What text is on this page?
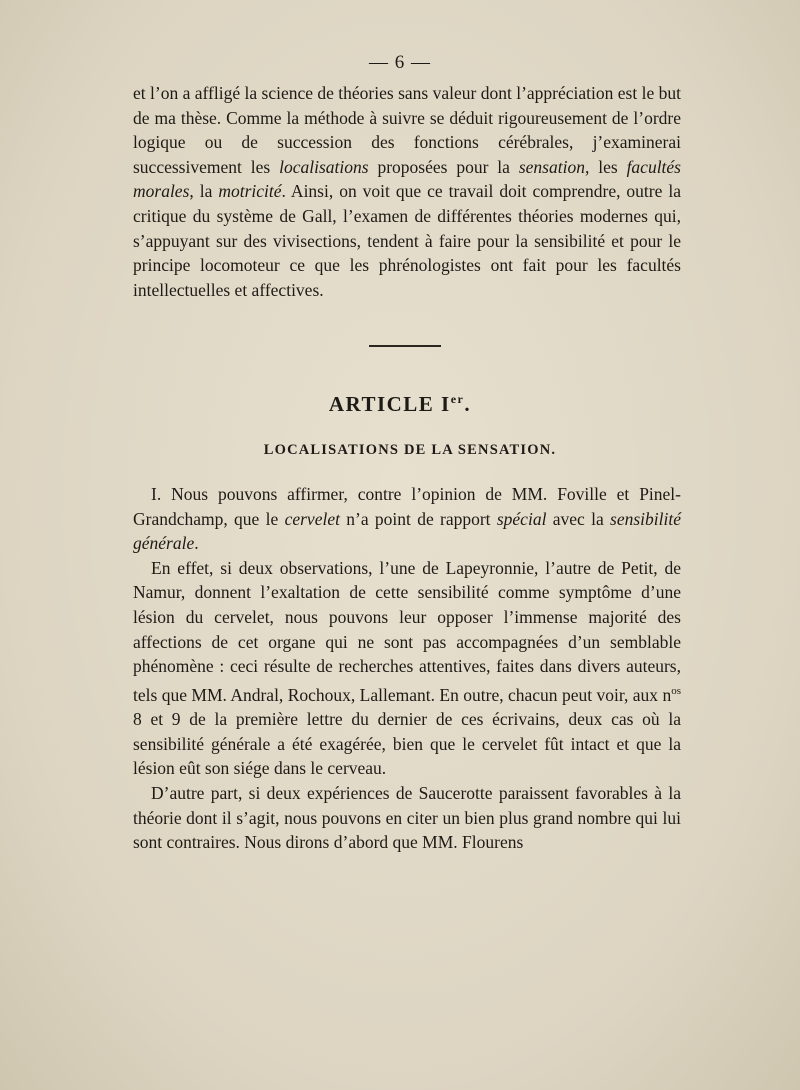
— 6 —

et l’on a affligé la science de théories sans valeur dont l’appréciation est le but de ma thèse. Comme la méthode à suivre se déduit rigoureusement de l’ordre logique ou de succession des fonctions cérébrales, j’examinerai successivement les localisations proposées pour la sensation, les facultés morales, la motricité. Ainsi, on voit que ce travail doit comprendre, outre la critique du système de Gall, l’examen de différentes théories modernes qui, s’appuyant sur des vivisections, tendent à faire pour la sensibilité et pour le principe locomoteur ce que les phrénologistes ont fait pour les facultés intellectuelles et affectives.

ARTICLE Ier.
LOCALISATIONS DE LA SENSATION.

I. Nous pouvons affirmer, contre l’opinion de MM. Foville et Pinel-Grandchamp, que le cervelet n’a point de rapport spécial avec la sensibilité générale.

En effet, si deux observations, l’une de Lapeyronnie, l’autre de Petit, de Namur, donnent l’exaltation de cette sensibilité comme symptôme d’une lésion du cervelet, nous pouvons leur opposer l’immense majorité des affections de cet organe qui ne sont pas accompagnées d’un semblable phénomène : ceci résulte de recherches attentives, faites dans divers auteurs, tels que MM. Andral, Rochoux, Lallemant. En outre, chacun peut voir, aux $n^{os}$ 8 et 9 de la première lettre du dernier de ces écrivains, deux cas où la sensibilité générale a été exagérée, bien que le cervelet fût intact et que la lésion eût son siége dans le cerveau.

D’autre part, si deux expériences de Saucerotte paraissent favorables à la théorie dont il s’agit, nous pouvons en citer un bien plus grand nombre qui lui sont contraires. Nous dirons d’abord que MM. Flourens
